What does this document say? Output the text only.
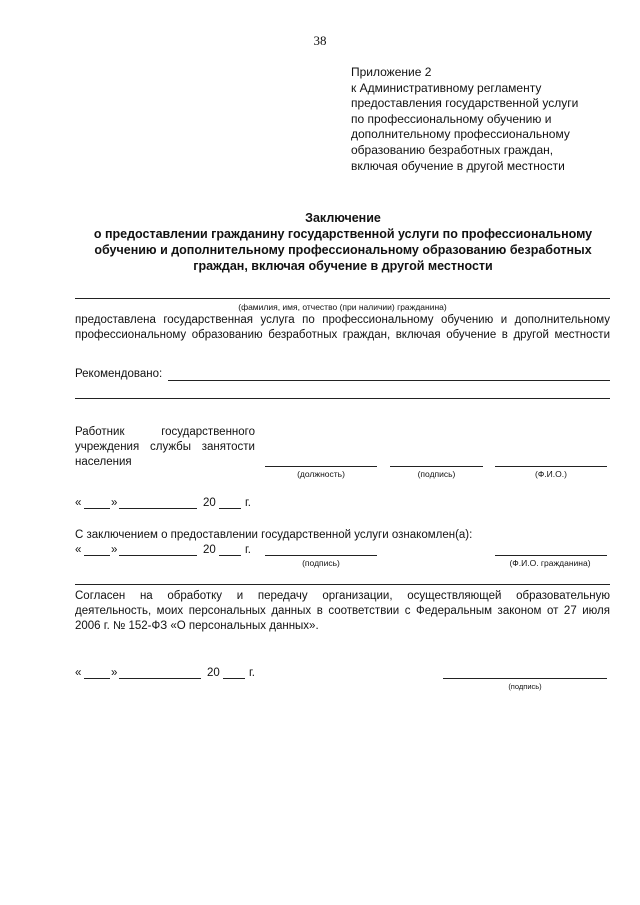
38
Приложение 2
к Административному регламенту
предоставления государственной услуги
по профессиональному обучению и
дополнительному профессиональному
образованию безработных граждан,
включая обучение в другой местности
Заключение
о предоставлении гражданину государственной услуги по профессиональному
обучению и дополнительному профессиональному образованию безработных
граждан, включая обучение в другой местности
(фамилия, имя, отчество (при наличии) гражданина)
предоставлена государственная услуга по профессиональному обучению и дополнительному
профессиональному образованию безработных граждан, включая обучение в другой местности
Рекомендовано:
Работник государственного
учреждения службы занятости
населения
(должность)	(подпись)	(Ф.И.О.)
«	»	20	г.
С заключением о предоставлении государственной услуги ознакомлен(а):
«	»	20	г.
(подпись)	(Ф.И.О. гражданина)
Согласен на обработку и передачу организации, осуществляющей образовательную
деятельность, моих персональных данных в соответствии с Федеральным законом от 27 июля
2006 г. № 152-ФЗ «О персональных данных».
«	»	20	г.
(подпись)
